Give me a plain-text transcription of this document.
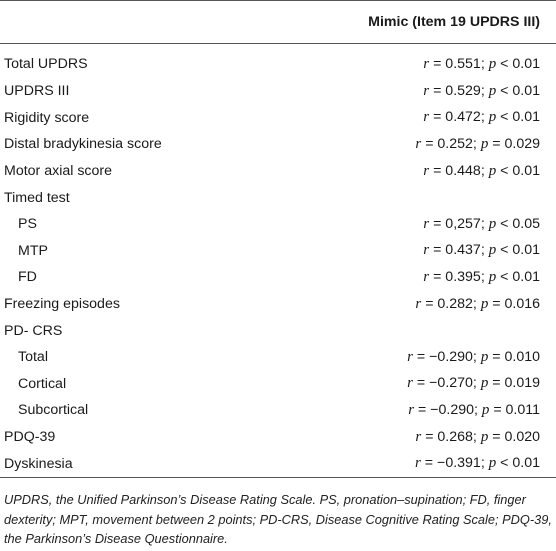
	Mimic (Item 19 UPDRS III)
Total UPDRS	r = 0.551; p < 0.01
UPDRS III	r = 0.529; p < 0.01
Rigidity score	r = 0.472; p < 0.01
Distal bradykinesia score	r = 0.252; p = 0.029
Motor axial score	r = 0.448; p < 0.01
Timed test	
PS	r = 0,257; p < 0.05
MTP	r = 0.437; p < 0.01
FD	r = 0.395; p < 0.01
Freezing episodes	r = 0.282; p = 0.016
PD- CRS	
Total	r = −0.290; p = 0.010
Cortical	r = −0.270; p = 0.019
Subcortical	r = −0.290; p = 0.011
PDQ-39	r = 0.268; p = 0.020
Dyskinesia	r = −0.391; p < 0.01
UPDRS, the Unified Parkinson’s Disease Rating Scale. PS, pronation–supination; FD, finger dexterity; MPT, movement between 2 points; PD-CRS, Disease Cognitive Rating Scale; PDQ-39, the Parkinson’s Disease Questionnaire.
